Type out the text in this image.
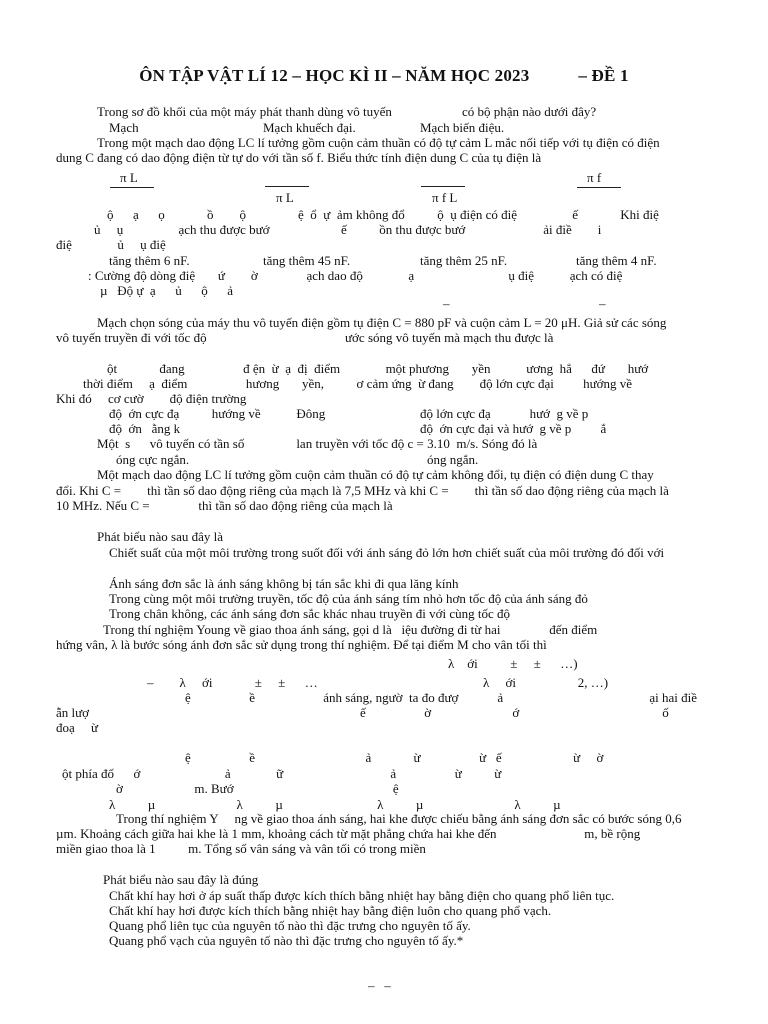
ÔN TẬP VẬT LÍ 12 – HỌC KÌ II – NĂM HỌC 2023           – ĐỀ 1
Trong sơ đồ khối của một máy phát thanh dùng vô tuyến	có bộ phận nào dưới đây?
Mạch	Mạch khuếch đại.	Mạch biến điệu.
Trong một mạch dao động LC lí tưởng gồm cuộn cảm thuần có độ tự cảm L mắc nối tiếp với tụ điện có điện
dung C đang có dao động điện từ tự do với tần số f. Biểu thức tính điện dung C của tụ điện là
π L	π f
π L	π f L
ộ      ạ      ọ             ồ        ộ                ệ  ổ  ự  ảm không đổ          ộ  ụ điện có điệ                 ế             Khi điệ
ủ     ụ                 ạch thu được bướ                      ế          ồn thu được bướ                        ải điề        i
điệ              ủ     ụ điệ
tăng thêm 6 nF.	tăng thêm 45 nF.	tăng thêm 25 nF.	tăng thêm 4 nF.
: Cường độ dòng điệ       ứ        ờ               ạch dao độ              ạ                             ụ điệ           ạch có điệ
µ   Độ ự  ạ      ủ      ộ      ả
–	–
Mạch chọn sóng của máy thu vô tuyến điện gồm tụ điện C = 880 pF và cuộn cảm L = 20 μH. Giả sử các sóng
vô tuyến truyền đi với tốc độ	ước sóng vô tuyến mà mạch thu được là
ột             đang                  đ ện  ừ  ạ  đị  điểm              một phương       yền           ương  hẳ      đứ       hướ
thời điểm     ạ  điểm                  hương       yền,          ơ cảm ứng  ừ đang        độ lớn cực đại         hướng về
Khi đó     cơ cườ        độ điện trường
độ  ớn cực đạ          hướng về           Đông	độ lớn cực đạ            hướ  g về p
độ  ớn   ằng k	độ  ớn cực đại và hướ  g về p         ắ
Một  s      vô tuyến có tần số                lan truyền với tốc độ c = 3.10  m/s. Sóng đó là
óng cực ngắn.	óng ngắn.
Một mạch dao động LC lí tưởng gồm cuộn cảm thuần có độ tự cảm không đổi, tụ điện có điện dung C thay
đổi. Khi C =        thì tần số dao động riêng của mạch là 7,5 MHz và khi C =        thì tần số dao động riêng của mạch là
10 MHz. Nếu C =               thì tần số dao động riêng của mạch là
Phát biểu nào sau đây là
Chiết suất của một môi trường trong suốt đối với ánh sáng đỏ lớn hơn chiết suất của môi trường đó đối với
Ánh sáng đơn sắc là ánh sáng không bị tán sắc khi đi qua lăng kính
Trong cùng một môi trường truyền, tốc độ của ánh sáng tím nhỏ hơn tốc độ của ánh sáng đỏ
Trong chân không, các ánh sáng đơn sắc khác nhau truyền đi với cùng tốc độ
Trong thí nghiệm Young về giao thoa ánh sáng, gọi d là   iệu đường đi từ hai               đến điểm
hứng vân, λ là bước sóng ánh đơn sắc sử dụng trong thí nghiệm. Để tại điểm M cho vân tối thì
λ    ới          ±     ±      …)
–        λ     ới             ±     ±      …	λ     ới                   2, …)
ệ                  ề                     ánh sáng, ngườ  ta đo đượ            ả                                             ại hai điề
ẫn lượ	ế                  ờ                         ớ                                            ố
đoạ     ừ
ệ                  ề                                  ả             ừ                  ừ   ế                      ừ     ờ
ột phía đố      ớ                          ả              ữ                                 ả                  ừ          ừ
ờ                      m. Bướ                                                 ệ
λ          µ                         λ          µ                             λ          µ                            λ          µ
Trong thí nghiệm Y     ng về giao thoa ánh sáng, hai khe được chiếu bằng ánh sáng đơn sắc có bước sóng 0,6
µm. Khoảng cách giữa hai khe là 1 mm, khoảng cách từ mặt phẳng chứa hai khe đến                           m, bề rộng
miền giao thoa là 1          m. Tổng số vân sáng và vân tối có trong miền
Phát biểu nào sau đây là đúng
Chất khí hay hơi ở áp suất thấp được kích thích bằng nhiệt hay bằng điện cho quang phổ liên tục.
Chất khí hay hơi được kích thích bằng nhiệt hay bằng điện luôn cho quang phổ vạch.
Quang phổ liên tục của nguyên tố nào thì đặc trưng cho nguyên tố ấy.
Quang phổ vạch của nguyên tố nào thì đặc trưng cho nguyên tố ấy.*
–   –
